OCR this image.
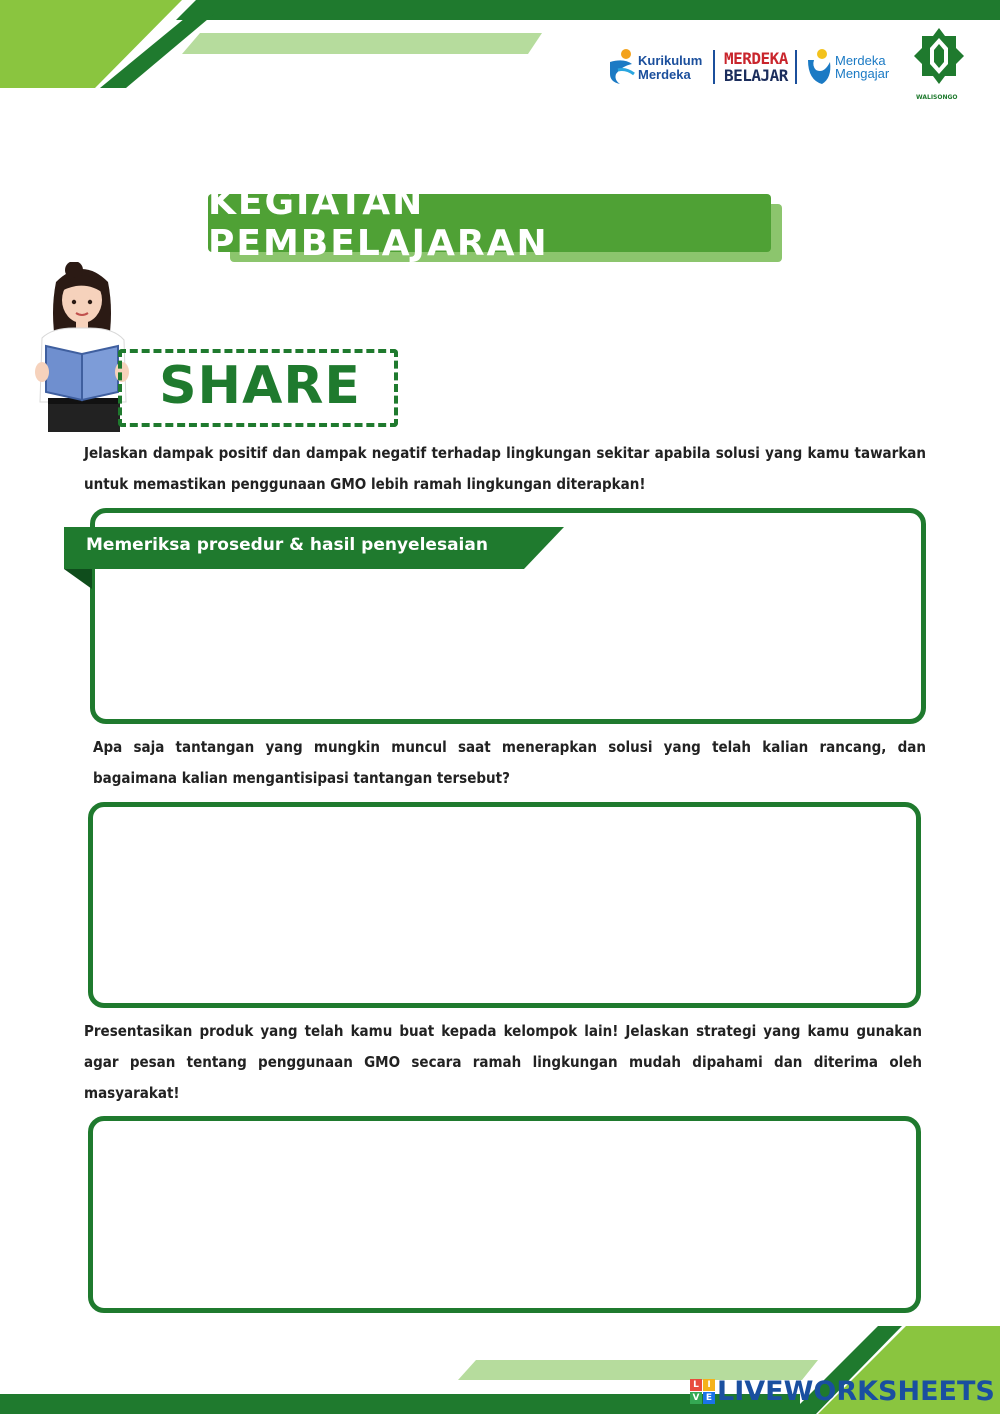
Kurikulum
Merdeka
MERDEKA
BELAJAR
Merdeka
Mengajar
WALISONGO
KEGIATAN PEMBELAJARAN
SHARE
Jelaskan dampak positif dan dampak negatif terhadap lingkungan sekitar apabila solusi yang kamu tawarkan untuk memastikan penggunaan GMO lebih ramah lingkungan diterapkan!
Memeriksa prosedur & hasil penyelesaian
Apa saja tantangan yang mungkin muncul saat menerapkan solusi yang telah kalian rancang, dan bagaimana kalian mengantisipasi tantangan tersebut?
Presentasikan produk yang telah kamu buat kepada kelompok lain! Jelaskan strategi yang kamu gunakan agar pesan tentang penggunaan GMO secara ramah lingkungan mudah dipahami dan diterima oleh masyarakat!
L I
V E LIVEWORKSHEETS
